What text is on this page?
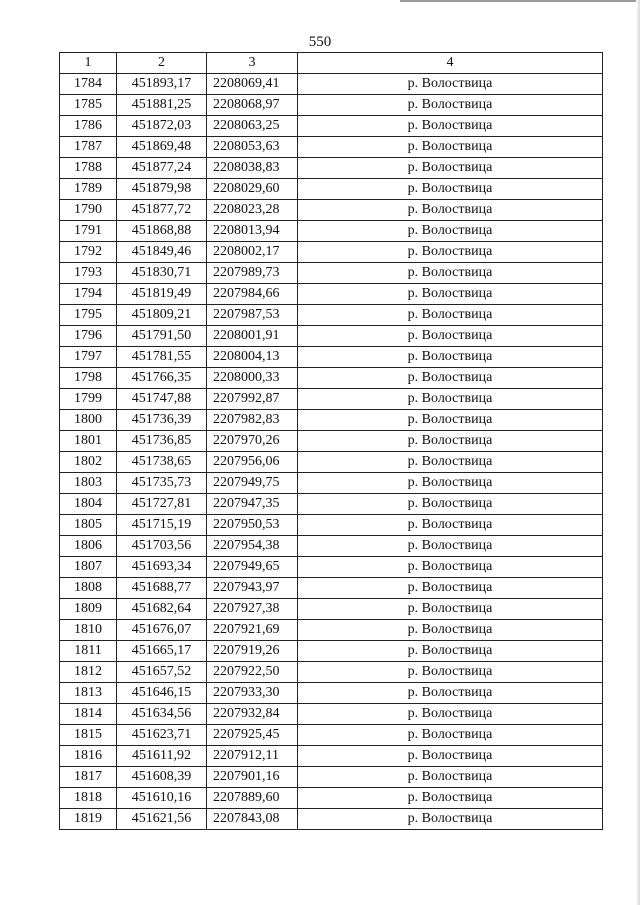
550
1	2	3	4
1784	451893,17	2208069,41	р. Волоствица
1785	451881,25	2208068,97	р. Волоствица
1786	451872,03	2208063,25	р. Волоствица
1787	451869,48	2208053,63	р. Волоствица
1788	451877,24	2208038,83	р. Волоствица
1789	451879,98	2208029,60	р. Волоствица
1790	451877,72	2208023,28	р. Волоствица
1791	451868,88	2208013,94	р. Волоствица
1792	451849,46	2208002,17	р. Волоствица
1793	451830,71	2207989,73	р. Волоствица
1794	451819,49	2207984,66	р. Волоствица
1795	451809,21	2207987,53	р. Волоствица
1796	451791,50	2208001,91	р. Волоствица
1797	451781,55	2208004,13	р. Волоствица
1798	451766,35	2208000,33	р. Волоствица
1799	451747,88	2207992,87	р. Волоствица
1800	451736,39	2207982,83	р. Волоствица
1801	451736,85	2207970,26	р. Волоствица
1802	451738,65	2207956,06	р. Волоствица
1803	451735,73	2207949,75	р. Волоствица
1804	451727,81	2207947,35	р. Волоствица
1805	451715,19	2207950,53	р. Волоствица
1806	451703,56	2207954,38	р. Волоствица
1807	451693,34	2207949,65	р. Волоствица
1808	451688,77	2207943,97	р. Волоствица
1809	451682,64	2207927,38	р. Волоствица
1810	451676,07	2207921,69	р. Волоствица
1811	451665,17	2207919,26	р. Волоствица
1812	451657,52	2207922,50	р. Волоствица
1813	451646,15	2207933,30	р. Волоствица
1814	451634,56	2207932,84	р. Волоствица
1815	451623,71	2207925,45	р. Волоствица
1816	451611,92	2207912,11	р. Волоствица
1817	451608,39	2207901,16	р. Волоствица
1818	451610,16	2207889,60	р. Волоствица
1819	451621,56	2207843,08	р. Волоствица
